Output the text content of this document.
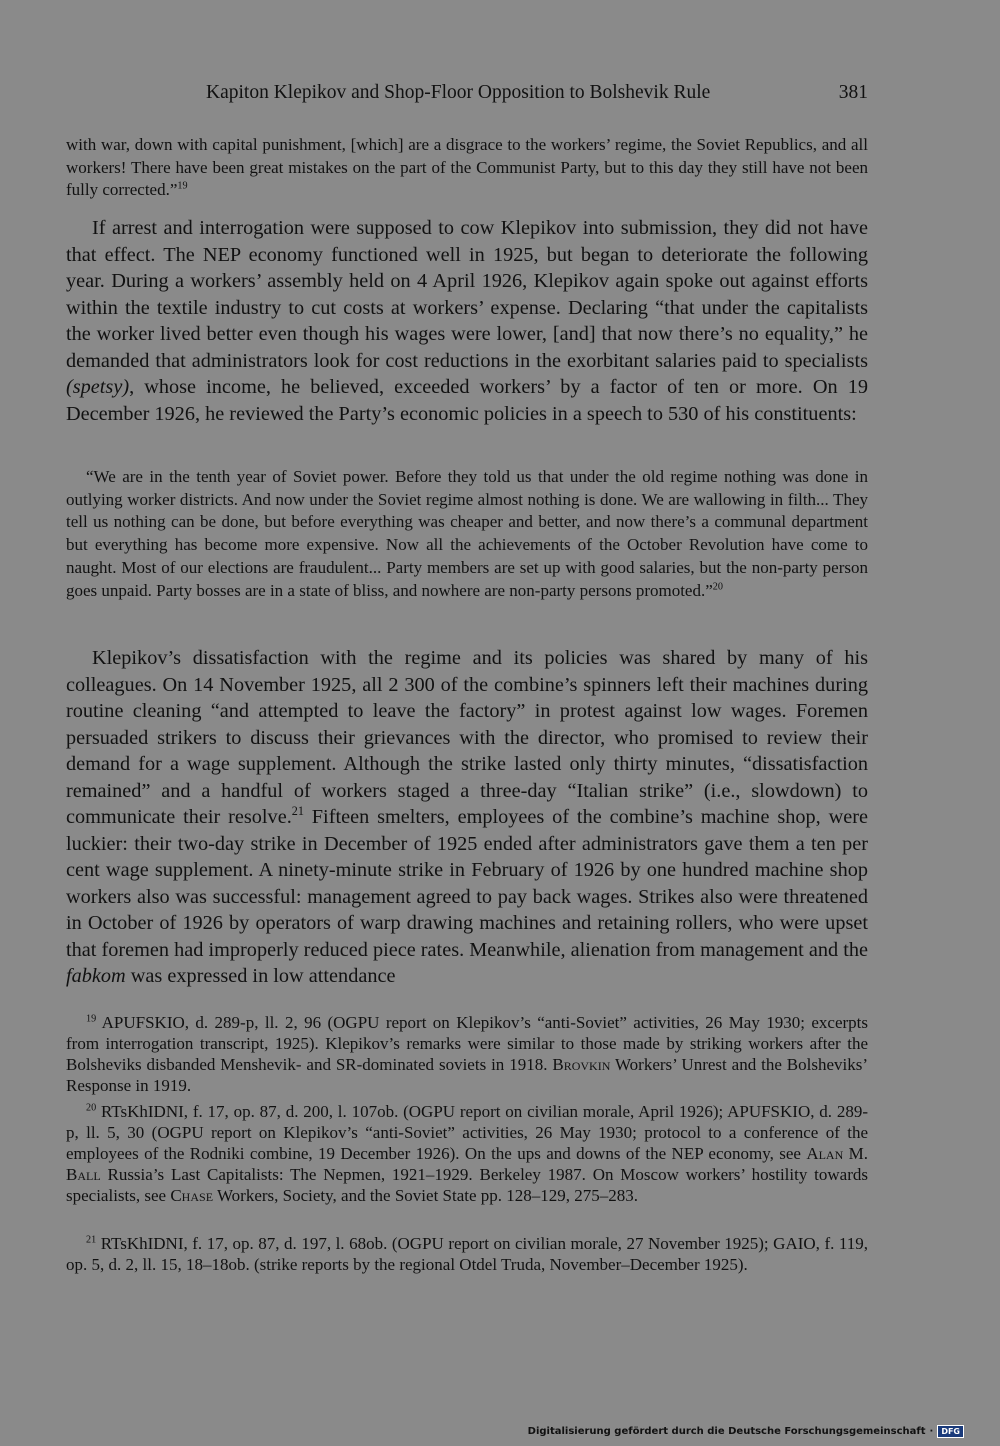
Kapiton Klepikov and Shop-Floor Opposition to Bolshevik Rule	381

with war, down with capital punishment, [which] are a disgrace to the workers’ regime, the Soviet Republics, and all workers! There have been great mistakes on the part of the Communist Party, but to this day they still have not been fully corrected.”$^{19}$

If arrest and interrogation were supposed to cow Klepikov into submission, they did not have that effect. The NEP economy functioned well in 1925, but began to deteriorate the following year. During a workers’ assembly held on 4 April 1926, Klepikov again spoke out against efforts within the textile industry to cut costs at workers’ expense. Declaring “that under the capitalists the worker lived better even though his wages were lower, [and] that now there’s no equality,” he demanded that administrators look for cost reductions in the exorbitant salaries paid to specialists (spetsy), whose income, he believed, exceeded workers’ by a factor of ten or more. On 19 December 1926, he reviewed the Party’s economic policies in a speech to 530 of his constituents:

“We are in the tenth year of Soviet power. Before they told us that under the old regime nothing was done in outlying worker districts. And now under the Soviet regime almost nothing is done. We are wallowing in filth... They tell us nothing can be done, but before everything was cheaper and better, and now there’s a communal department but everything has become more expensive. Now all the achievements of the October Revolution have come to naught. Most of our elections are fraudulent... Party members are set up with good salaries, but the non-party person goes unpaid. Party bosses are in a state of bliss, and nowhere are non-party persons promoted.”$^{20}$

Klepikov’s dissatisfaction with the regime and its policies was shared by many of his colleagues. On 14 November 1925, all 2 300 of the combine’s spinners left their machines during routine cleaning “and attempted to leave the factory” in protest against low wages. Foremen persuaded strikers to discuss their grievances with the director, who promised to review their demand for a wage supplement. Although the strike lasted only thirty minutes, “dissatisfaction remained” and a handful of workers staged a three-day “Italian strike” (i.e., slowdown) to communicate their resolve.$^{21}$ Fifteen smelters, employees of the combine’s machine shop, were luckier: their two-day strike in December of 1925 ended after administrators gave them a ten per cent wage supplement. A ninety-minute strike in February of 1926 by one hundred machine shop workers also was successful: management agreed to pay back wages. Strikes also were threatened in October of 1926 by operators of warp drawing machines and retaining rollers, who were upset that foremen had improperly reduced piece rates. Meanwhile, alienation from management and the fabkom was expressed in low attendance

$^{19}$ APUFSKIO, d. 289-p, ll. 2, 96 (OGPU report on Klepikov’s “anti-Soviet” activities, 26 May 1930; excerpts from interrogation transcript, 1925). Klepikov’s remarks were similar to those made by striking workers after the Bolsheviks disbanded Menshevik- and SR-dominated soviets in 1918. Brovkin Workers’ Unrest and the Bolsheviks’ Response in 1919.

$^{20}$ RTsKhIDNI, f. 17, op. 87, d. 200, l. 107ob. (OGPU report on civilian morale, April 1926); APUFSKIO, d. 289-p, ll. 5, 30 (OGPU report on Klepikov’s “anti-Soviet” activities, 26 May 1930; protocol to a conference of the employees of the Rodniki combine, 19 December 1926). On the ups and downs of the NEP economy, see Alan M. Ball Russia’s Last Capitalists: The Nepmen, 1921–1929. Berkeley 1987. On Moscow workers’ hostility towards specialists, see Chase Workers, Society, and the Soviet State pp. 128–129, 275–283.

$^{21}$ RTsKhIDNI, f. 17, op. 87, d. 197, l. 68ob. (OGPU report on civilian morale, 27 November 1925); GAIO, f. 119, op. 5, d. 2, ll. 15, 18–18ob. (strike reports by the regional Otdel Truda, November–December 1925).

Digitalisierung gefördert durch die Deutsche Forschungsgemeinschaft ·	DFG
